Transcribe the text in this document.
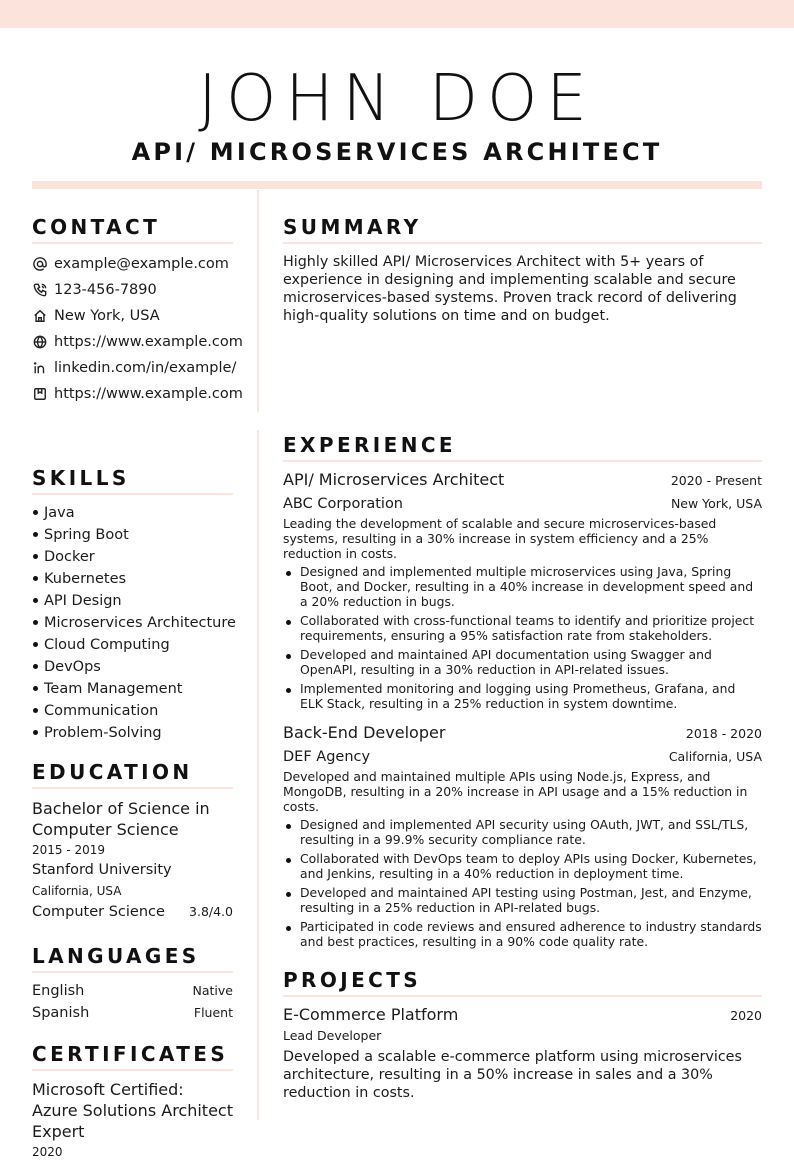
JOHN DOE
API/ MICROSERVICES ARCHITECT
CONTACT
example@example.com
123-456-7890
New York, USA
https://www.example.com
linkedin.com/in/example/
https://www.example.com
SKILLS
Java
Spring Boot
Docker
Kubernetes
API Design
Microservices Architecture
Cloud Computing
DevOps
Team Management
Communication
Problem-Solving
EDUCATION
Bachelor of Science in Computer Science
2015 - 2019
Stanford University
California, USA
Computer Science 3.8/4.0
LANGUAGES
English	Native
Spanish	Fluent
CERTIFICATES
Microsoft Certified: Azure Solutions Architect Expert
2020
SUMMARY

Highly skilled API/ Microservices Architect with 5+ years of experience in designing and implementing scalable and secure microservices-based systems. Proven track record of delivering high-quality solutions on time and on budget.

EXPERIENCE
API/ Microservices Architect	2020 - Present
ABC Corporation	New York, USA

Leading the development of scalable and secure microservices-based systems, resulting in a 30% increase in system efficiency and a 25% reduction in costs.

Designed and implemented multiple microservices using Java, Spring Boot, and Docker, resulting in a 40% increase in development speed and a 20% reduction in bugs.
Collaborated with cross-functional teams to identify and prioritize project requirements, ensuring a 95% satisfaction rate from stakeholders.
Developed and maintained API documentation using Swagger and OpenAPI, resulting in a 30% reduction in API-related issues.
Implemented monitoring and logging using Prometheus, Grafana, and ELK Stack, resulting in a 25% reduction in system downtime.
Back-End Developer	2018 - 2020
DEF Agency	California, USA

Developed and maintained multiple APIs using Node.js, Express, and MongoDB, resulting in a 20% increase in API usage and a 15% reduction in costs.

Designed and implemented API security using OAuth, JWT, and SSL/TLS, resulting in a 99.9% security compliance rate.
Collaborated with DevOps team to deploy APIs using Docker, Kubernetes, and Jenkins, resulting in a 40% reduction in deployment time.
Developed and maintained API testing using Postman, Jest, and Enzyme, resulting in a 25% reduction in API-related bugs.
Participated in code reviews and ensured adherence to industry standards and best practices, resulting in a 90% code quality rate.
PROJECTS
E-Commerce Platform	2020
Lead Developer

Developed a scalable e-commerce platform using microservices architecture, resulting in a 50% increase in sales and a 30% reduction in costs.
